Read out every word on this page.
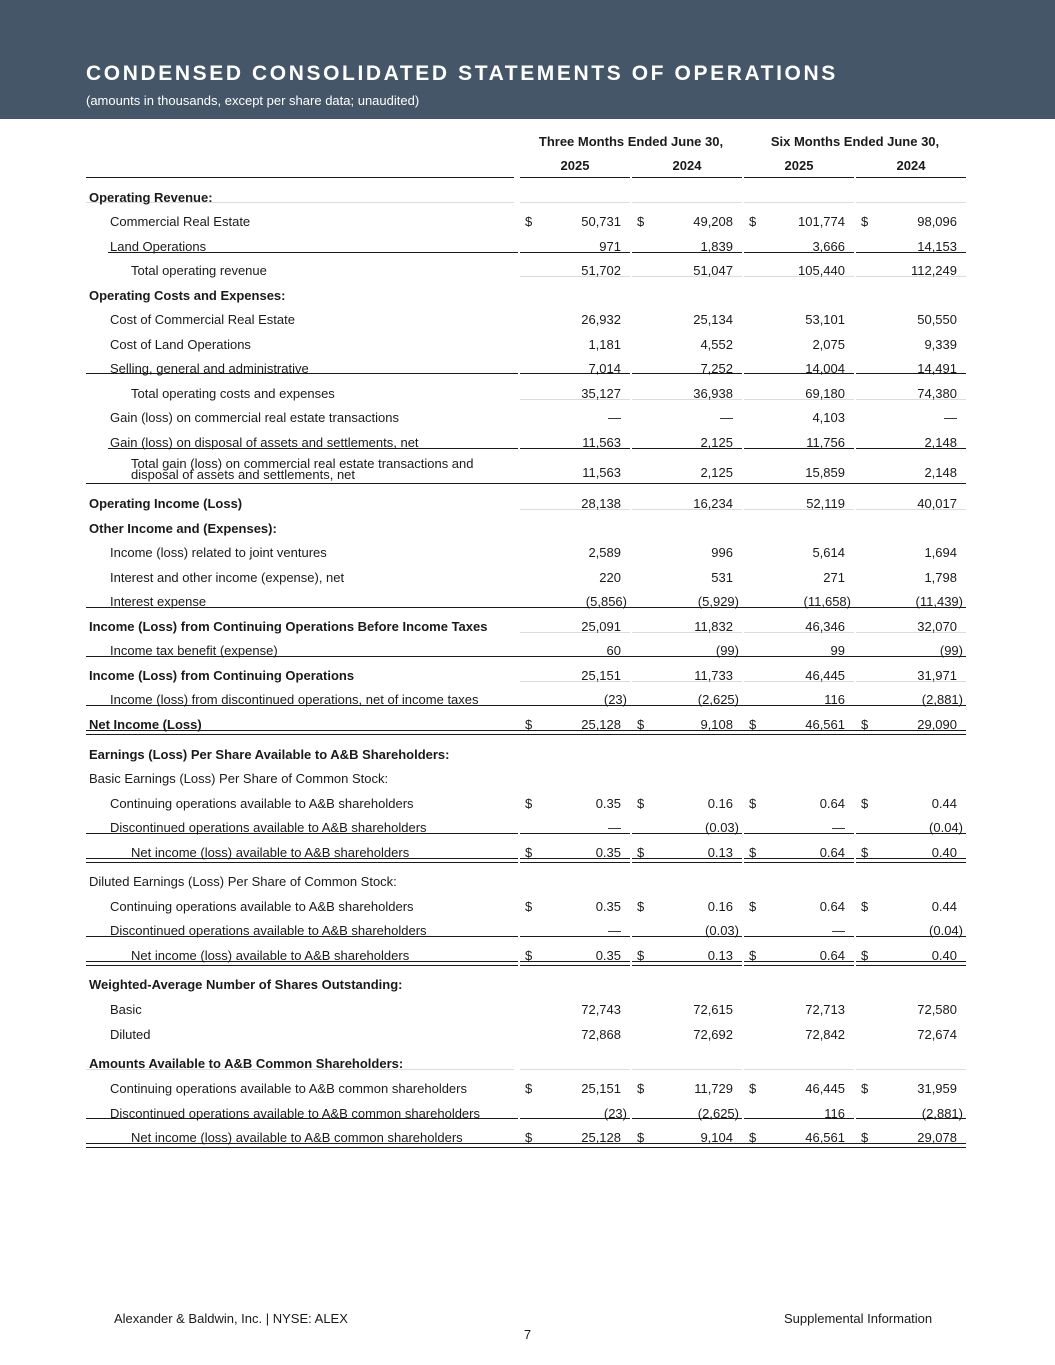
CONDENSED CONSOLIDATED STATEMENTS OF OPERATIONS
(amounts in thousands, except per share data; unaudited)
Three Months Ended June 30,	Six Months Ended June 30,
2025	2024	2025	2024
Operating Revenue:
Commercial Real Estate	$	50,731 $	49,208 $	101,774 $	98,096
Land Operations	971	1,839	3,666	14,153
Total operating revenue	51,702	51,047	105,440	112,249
Operating Costs and Expenses:
Cost of Commercial Real Estate	26,932	25,134	53,101	50,550
Cost of Land Operations	1,181	4,552	2,075	9,339
Selling, general and administrative	7,014	7,252	14,004	14,491
Total operating costs and expenses	35,127	36,938	69,180	74,380
Gain (loss) on commercial real estate transactions	—	—	4,103	—
Gain (loss) on disposal of assets and settlements, net	11,563	2,125	11,756	2,148
Total gain (loss) on commercial real estate transactions and disposal of assets and settlements, net	11,563	2,125	15,859	2,148
Operating Income (Loss)	28,138	16,234	52,119	40,017
Other Income and (Expenses):
Income (loss) related to joint ventures	2,589	996	5,614	1,694
Interest and other income (expense), net	220	531	271	1,798
Interest expense	(5,856)	(5,929)	(11,658)	(11,439)
Income (Loss) from Continuing Operations Before Income Taxes	25,091	11,832	46,346	32,070
Income tax benefit (expense)	60	(99)	99	(99)
Income (Loss) from Continuing Operations	25,151	11,733	46,445	31,971
Income (loss) from discontinued operations, net of income taxes	(23)	(2,625)	116	(2,881)
Net Income (Loss)	$	25,128 $	9,108 $	46,561 $	29,090
Earnings (Loss) Per Share Available to A&B Shareholders:
Basic Earnings (Loss) Per Share of Common Stock:
Continuing operations available to A&B shareholders	$	0.35 $	0.16 $	0.64 $	0.44
Discontinued operations available to A&B shareholders	—	(0.03)	—	(0.04)
Net income (loss) available to A&B shareholders	$	0.35 $	0.13 $	0.64 $	0.40
Diluted Earnings (Loss) Per Share of Common Stock:
Continuing operations available to A&B shareholders	$	0.35 $	0.16 $	0.64 $	0.44
Discontinued operations available to A&B shareholders	—	(0.03)	—	(0.04)
Net income (loss) available to A&B shareholders	$	0.35 $	0.13 $	0.64 $	0.40
Weighted-Average Number of Shares Outstanding:
Basic	72,743	72,615	72,713	72,580
Diluted	72,868	72,692	72,842	72,674
Amounts Available to A&B Common Shareholders:
Continuing operations available to A&B common shareholders	$	25,151 $	11,729 $	46,445 $	31,959
Discontinued operations available to A&B common shareholders	(23)	(2,625)	116	(2,881)
Net income (loss) available to A&B common shareholders	$	25,128 $	9,104 $	46,561 $	29,078
Alexander & Baldwin, Inc. | NYSE: ALEX	Supplemental Information
7
